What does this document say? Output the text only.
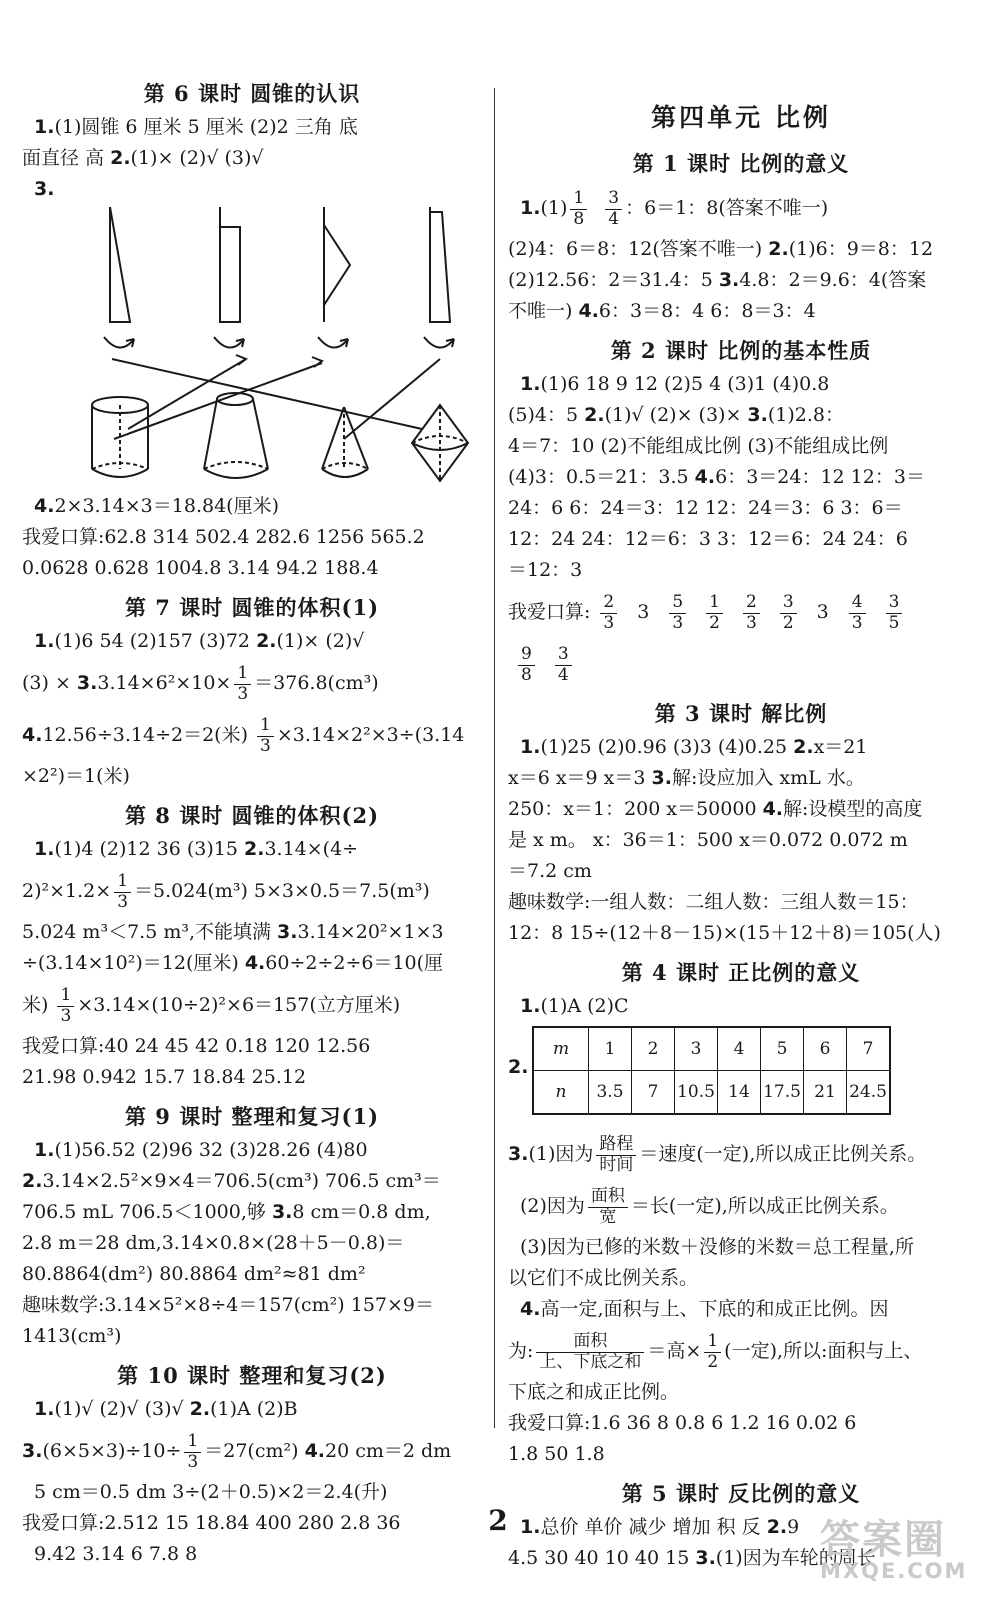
第 6 课时 圆锥的认识
1.(1)圆锥 6 厘米 5 厘米 (2)2 三角 底
面直径 高 2.(1)× (2)√ (3)√
3.
4.2×3.14×3＝18.84(厘米)
我爱口算:62.8 314 502.4 282.6 1256 565.2
0.0628 0.628 1004.8 3.14 94.2 188.4
第 7 课时 圆锥的体积(1)
1.(1)6 54 (2)157 (3)72 2.(1)× (2)√
$(3) \times 3.3.14\times 6^2\times 10\times \frac{1}{3} =376.8(cm^3)$
4.12.56÷3.14÷2＝2(米) $\frac{1}{3} \times 3.14\times 2^2\times 3\div(3.14$
×2²)＝1(米)
第 8 课时 圆锥的体积(2)
1.(1)4 (2)12 36 (3)15 2.3.14×(4÷
$2)^2\times 1.2\times \frac{1}{3} =5.024(m^3)$ 5×3×0.5＝7.5(m³)
5.024 m³＜7.5 m³,不能填满 3.3.14×20²×1×3
÷(3.14×10²)＝12(厘米) 4.60÷2÷2÷6＝10(厘
米) $\frac{1}{3} \times 3.14\times(10\div 2)^2\times 6=157$(立方厘米)
我爱口算:40 24 45 42 0.18 120 12.56
21.98 0.942 15.7 18.84 25.12
第 9 课时 整理和复习(1)
1.(1)56.52 (2)96 32 (3)28.26 (4)80
2.3.14×2.5²×9×4＝706.5(cm³) 706.5 cm³＝
706.5 mL 706.5＜1000,够 3.8 cm＝0.8 dm,
2.8 m＝28 dm,3.14×0.8×(28＋5－0.8)＝
80.8864(dm²) 80.8864 dm²≈81 dm²
趣味数学:3.14×5²×8÷4＝157(cm²) 157×9＝
1413(cm³)
第 10 课时 整理和复习(2)
1.(1)√ (2)√ (3)√ 2.(1)A (2)B
$3.(6\times 5\times 3)\div 10\div \frac{1}{3} =27(cm^2)$ 4.20 cm＝2 dm
5 cm＝0.5 dm 3÷(2＋0.5)×2＝2.4(升)
我爱口算:2.512 15 18.84 400 280 2.8 36
9.42 3.14 6 7.8 8
第四单元 比例
第 1 课时 比例的意义
$1.(1) \frac{1}{8}$
$\frac{3}{4}$ ：6＝1：8(答案不唯一)
(2)4：6＝8：12(答案不唯一) 2.(1)6：9＝8：12
(2)12.56：2＝31.4：5 3.4.8：2＝9.6：4(答案
不唯一) 4.6：3＝8：4 6：8＝3：4
第 2 课时 比例的基本性质
1.(1)6 18 9 12 (2)5 4 (3)1 (4)0.8
(5)4：5 2.(1)√ (2)× (3)× 3.(1)2.8：
4＝7：10 (2)不能组成比例 (3)不能组成比例
(4)3：0.5＝21：3.5 4.6：3＝24：12 12：3＝
24：6 6：24＝3：12 12：24＝3：6 3：6＝
12：24 24：12＝6：3 3：12＝6：24 24：6
＝12：3
我爱口算: $\frac{2}{3} 3 \frac{5}{3} \frac{1}{2} \frac{2}{3} \frac{3}{2} 3 \frac{4}{3} \frac{3}{5}$

$\frac{9}{8} \frac{3}{4}$
第 3 课时 解比例
1.(1)25 (2)0.96 (3)3 (4)0.25 2.x＝21
x＝6 x＝9 x＝3 3.解:设应加入 xmL 水。
250：x＝1：200 x＝50000 4.解:设模型的高度
是 x m。 x：36＝1：500 x＝0.072 0.072 m
＝7.2 cm
趣味数学:一组人数：二组人数：三组人数＝15：
12：8 15÷(12＋8－15)×(15＋12＋8)＝105(人)
第 4 课时 正比例的意义
1.(1)A (2)C
2.
m	1	2	3	4	5	6	7
n	3.5	7	10.5	14	17.5	21	24.5
3.(1)因为 $\frac{\text{路程}}{\text{时间}}$ ＝速度(一定),所以成正比例关系。
(2)因为 $\frac{\text{面积}}{\text{宽}}$ ＝长(一定),所以成正比例关系。
(3)因为已修的米数＋没修的米数＝总工程量,所
以它们不成比例关系。
4.高一定,面积与上、下底的和成正比例。因
为: $\frac{\text{面积}}{\text{上、下底之和}}$ ＝高× $\frac{1}{2}$ (一定),所以:面积与上、
下底之和成正比例。
我爱口算:1.6 36 8 0.8 6 1.2 16 0.02 6
1.8 50 1.8
第 5 课时 反比例的意义
1.总价 单价 减少 增加 积 反 2.9
4.5 30 40 10 40 15 3.(1)因为车轮的周长
2	答案圈
MXQE.COM
